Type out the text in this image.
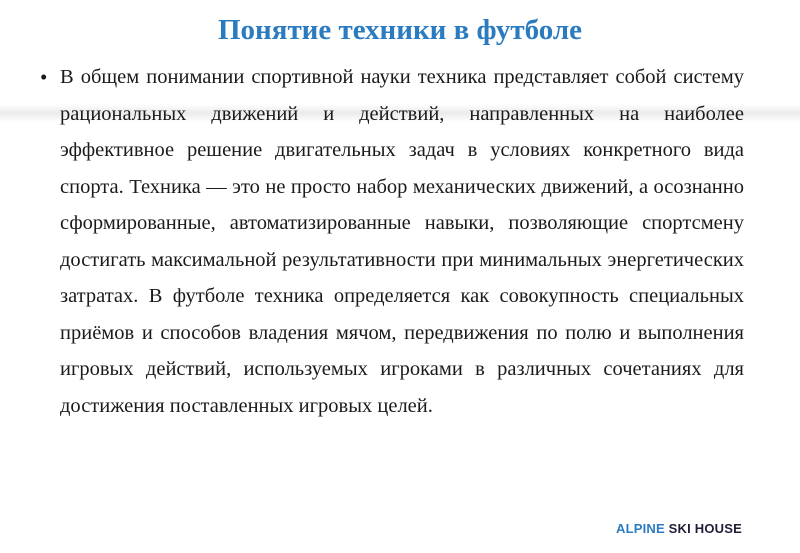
Понятие техники в футболе
• В общем понимании спортивной науки техника представляет собой систему рациональных движений и действий, направленных на наиболее эффективное решение двигательных задач в условиях конкретного вида спорта. Техника — это не просто набор механических движений, а осознанно сформированные, автоматизированные навыки, позволяющие спортсмену достигать максимальной результативности при минимальных энергетических затратах. В футболе техника определяется как совокупность специальных приёмов и способов владения мячом, передвижения по полю и выполнения игровых действий, используемых игроками в различных сочетаниях для достижения поставленных игровых целей.

ALPINE SKI HOUSE
